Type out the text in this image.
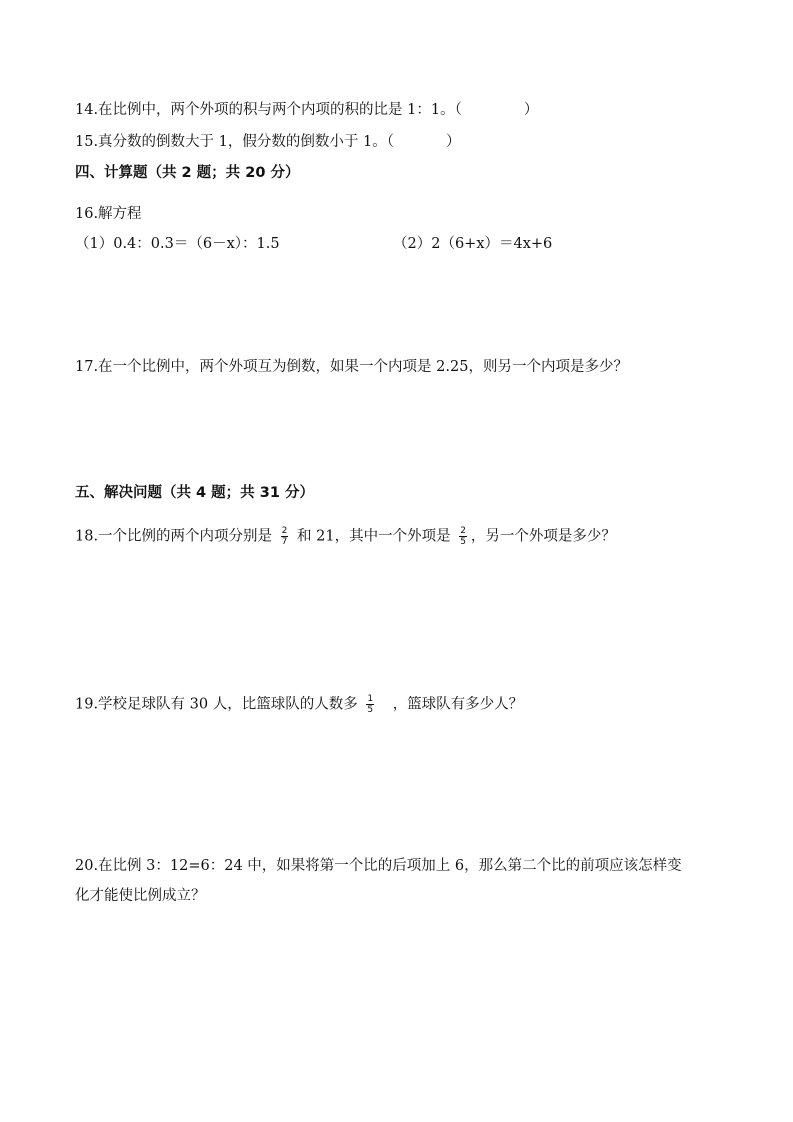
14.在比例中，两个外项的积与两个内项的积的比是 1：1。（	）
15.真分数的倒数大于 1，假分数的倒数小于 1。（	）
四、计算题（共 2 题；共 20 分）
16.解方程
（1）0.4：0.3＝（6－x）：1.5	（2）2（6+x）＝4x+6
17.在一个比例中，两个外项互为倒数，如果一个内项是 2.25，则另一个内项是多少？
五、解决问题（共 4 题；共 31 分）
18.一个比例的两个内项分别是 $\frac{2}{7}$ 和 21，其中一个外项是 $\frac{2}{5}$ ，另一个外项是多少？
19.学校足球队有 30 人，比篮球队的人数多 $\frac{1}{5}$ ，篮球队有多少人？
20.在比例 3：12=6：24 中，如果将第一个比的后项加上 6，那么第二个比的前项应该怎样变
化才能使比例成立？
